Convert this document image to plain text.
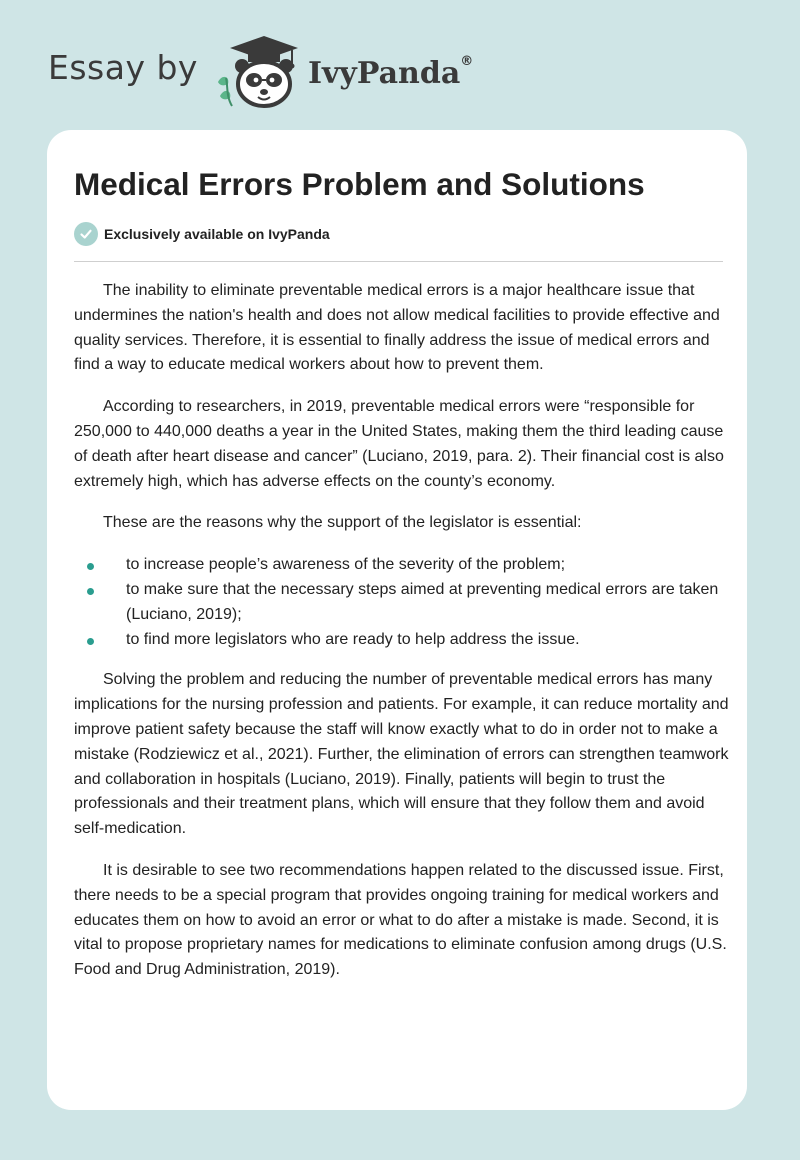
Essay by	IvyPanda®
Medical Errors Problem and Solutions
Exclusively available on IvyPanda

The inability to eliminate preventable medical errors is a major healthcare issue that undermines the nation's health and does not allow medical facilities to provide effective and quality services. Therefore, it is essential to finally address the issue of medical errors and find a way to educate medical workers about how to prevent them.

According to researchers, in 2019, preventable medical errors were “responsible for 250,000 to 440,000 deaths a year in the United States, making them the third leading cause of death after heart disease and cancer” (Luciano, 2019, para. 2). Their financial cost is also extremely high, which has adverse effects on the county’s economy.

These are the reasons why the support of the legislator is essential:

to increase people’s awareness of the severity of the problem;
to make sure that the necessary steps aimed at preventing medical errors are taken (Luciano, 2019);
to find more legislators who are ready to help address the issue.

Solving the problem and reducing the number of preventable medical errors has many implications for the nursing profession and patients. For example, it can reduce mortality and improve patient safety because the staff will know exactly what to do in order not to make a mistake (Rodziewicz et al., 2021). Further, the elimination of errors can strengthen teamwork and collaboration in hospitals (Luciano, 2019). Finally, patients will begin to trust the professionals and their treatment plans, which will ensure that they follow them and avoid self-medication.

It is desirable to see two recommendations happen related to the discussed issue. First, there needs to be a special program that provides ongoing training for medical workers and educates them on how to avoid an error or what to do after a mistake is made. Second, it is vital to propose proprietary names for medications to eliminate confusion among drugs (U.S. Food and Drug Administration, 2019).
